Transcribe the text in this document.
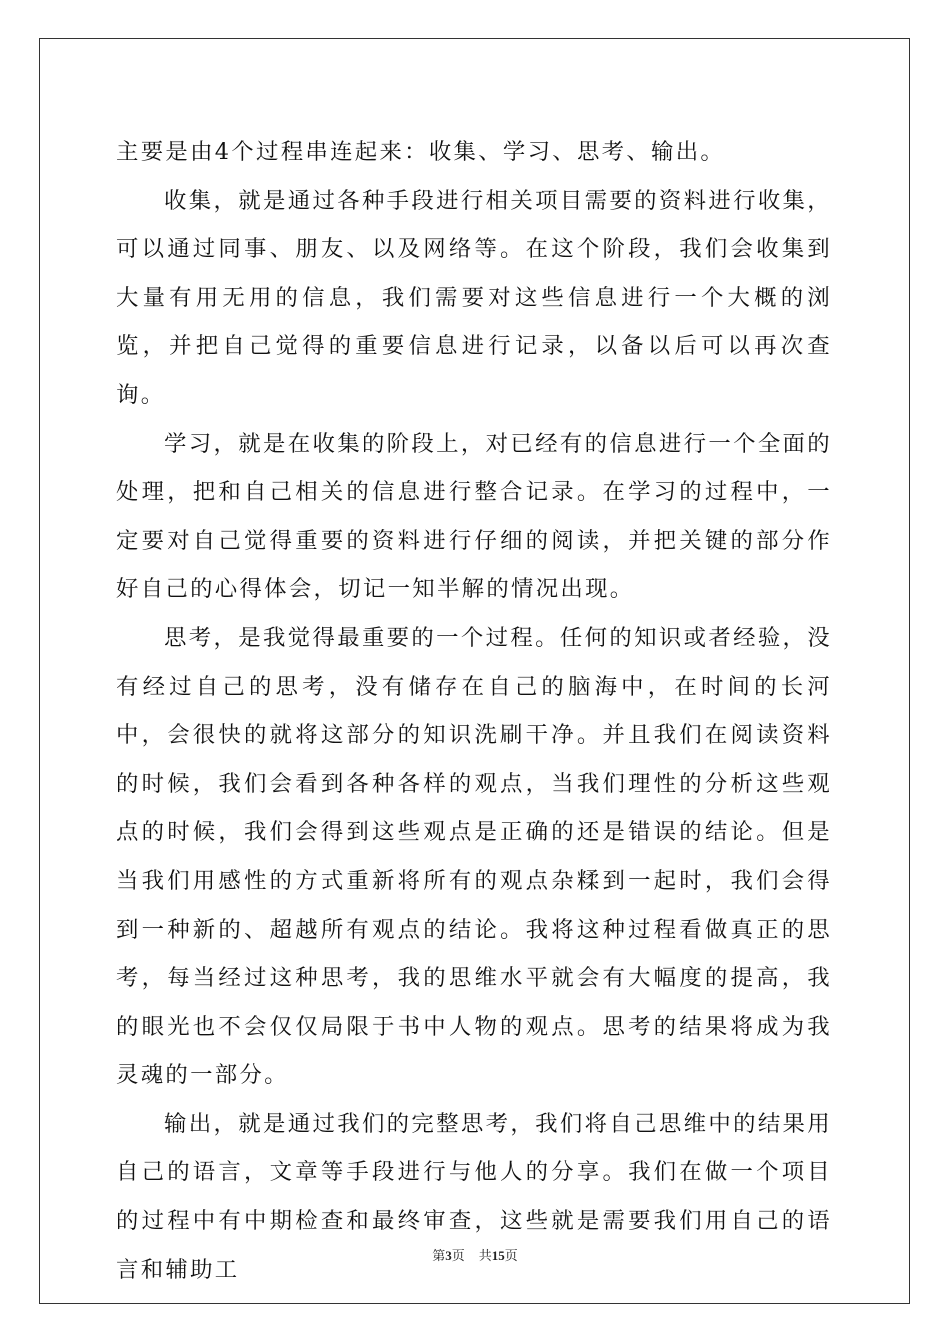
主要是由4个过程串连起来：收集、学习、思考、输出。

收集，就是通过各种手段进行相关项目需要的资料进行收集，可以通过同事、朋友、以及网络等。在这个阶段，我们会收集到大量有用无用的信息，我们需要对这些信息进行一个大概的浏览，并把自己觉得的重要信息进行记录，以备以后可以再次查询。

学习，就是在收集的阶段上，对已经有的信息进行一个全面的处理，把和自己相关的信息进行整合记录。在学习的过程中，一定要对自己觉得重要的资料进行仔细的阅读，并把关键的部分作好自己的心得体会，切记一知半解的情况出现。

思考，是我觉得最重要的一个过程。任何的知识或者经验，没有经过自己的思考，没有储存在自己的脑海中，在时间的长河中，会很快的就将这部分的知识洗刷干净。并且我们在阅读资料的时候，我们会看到各种各样的观点，当我们理性的分析这些观点的时候，我们会得到这些观点是正确的还是错误的结论。但是当我们用感性的方式重新将所有的观点杂糅到一起时，我们会得到一种新的、超越所有观点的结论。我将这种过程看做真正的思考，每当经过这种思考，我的思维水平就会有大幅度的提高，我的眼光也不会仅仅局限于书中人物的观点。思考的结果将成为我灵魂的一部分。

输出，就是通过我们的完整思考，我们将自己思维中的结果用自己的语言，文章等手段进行与他人的分享。我们在做一个项目的过程中有中期检查和最终审查，这些就是需要我们用自己的语言和辅助工

第3页 共15页
